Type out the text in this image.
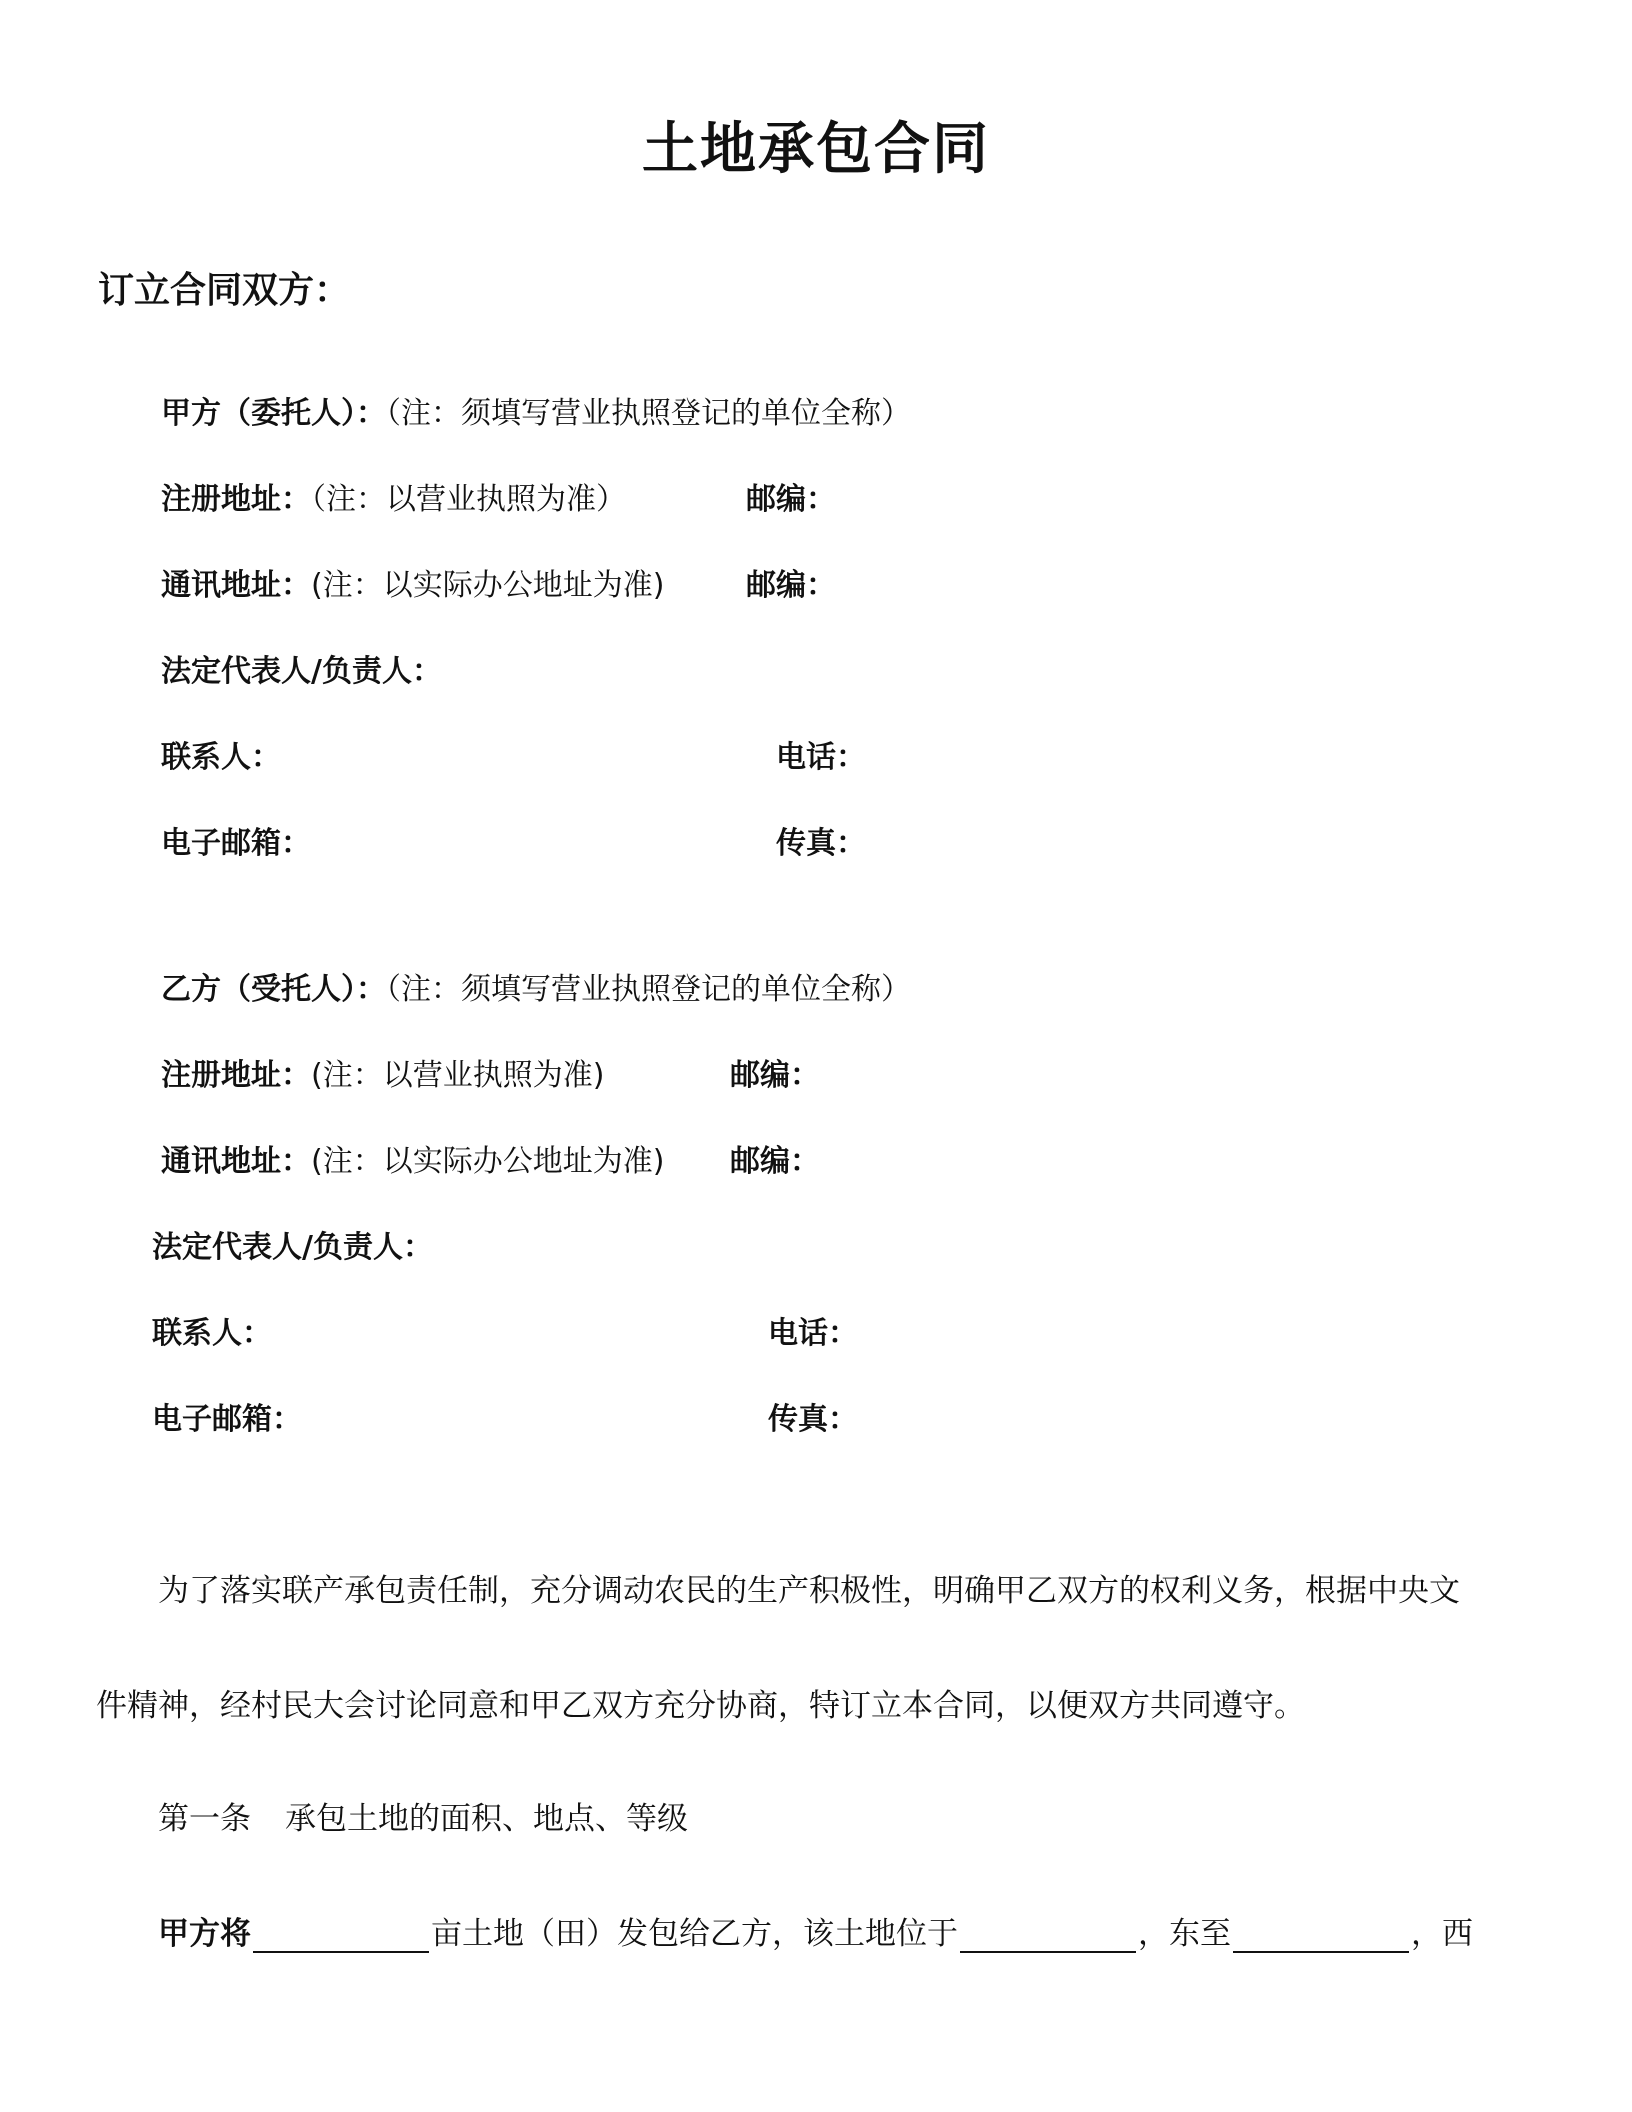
土地承包合同
订立合同双方：
甲方（委托人）：（注：须填写营业执照登记的单位全称）
注册地址：（注：以营业执照为准）	邮编：
通讯地址：(注：以实际办公地址为准)	邮编：
法定代表人/负责人：
联系人：	电话：
电子邮箱：	传真：
乙方（受托人）：（注：须填写营业执照登记的单位全称）
注册地址：(注：以营业执照为准)	邮编：
通讯地址：(注：以实际办公地址为准) 邮编：
法定代表人/负责人：
联系人：	电话：
电子邮箱：	传真：
为了落实联产承包责任制，充分调动农民的生产积极性，明确甲乙双方的权利义务，根据中央文
件精神，经村民大会讨论同意和甲乙双方充分协商，特订立本合同，以便双方共同遵守。
第一条 承包土地的面积、地点、等级
甲方将	亩土地（田）发包给乙方，该土地位于	，东至	，西
